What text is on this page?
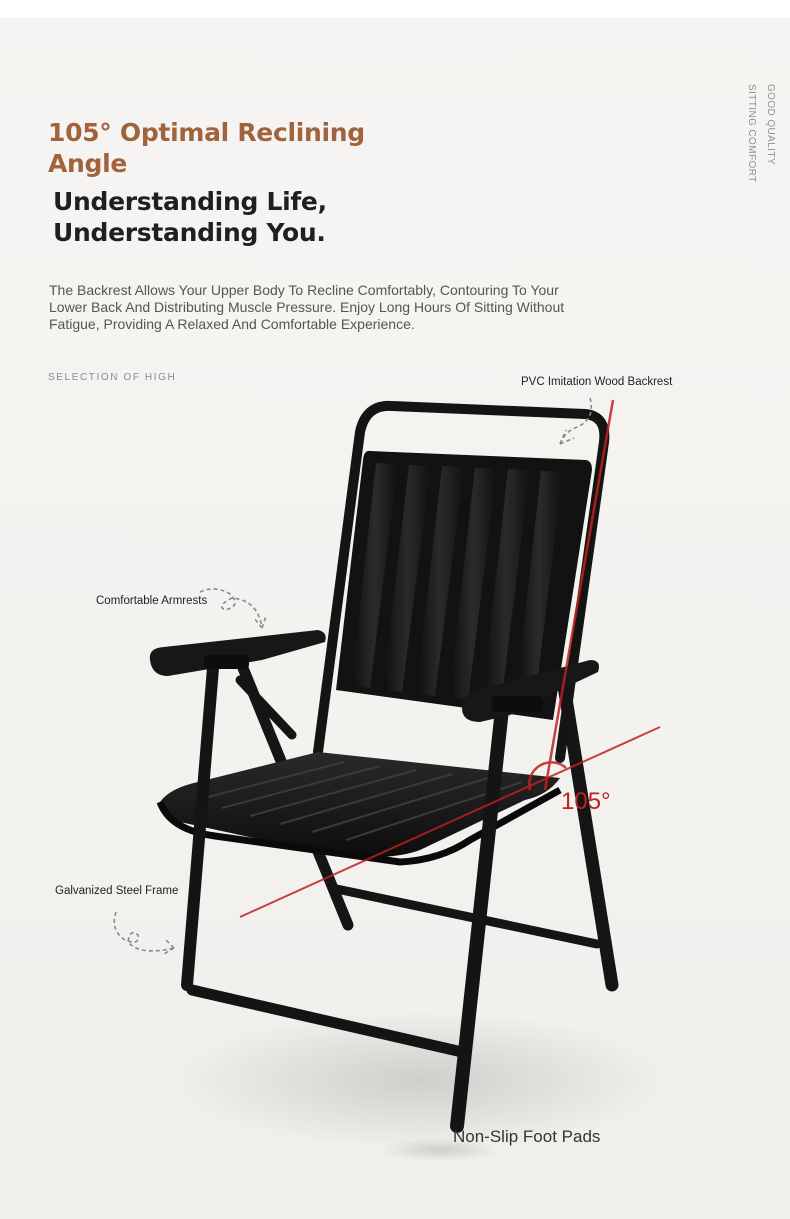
105° Optimal Reclining Angle
Understanding Life, Understanding You.

The Backrest Allows Your Upper Body To Recline Comfortably, Contouring To Your Lower Back And Distributing Muscle Pressure. Enjoy Long Hours Of Sitting Without Fatigue, Providing A Relaxed And Comfortable Experience.

SELECTION OF HIGH
GOOD QUALITY
SITTING COMFORT
PVC Imitation Wood Backrest
Comfortable Armrests
Galvanized Steel Frame
Non-Slip Foot Pads
105°
